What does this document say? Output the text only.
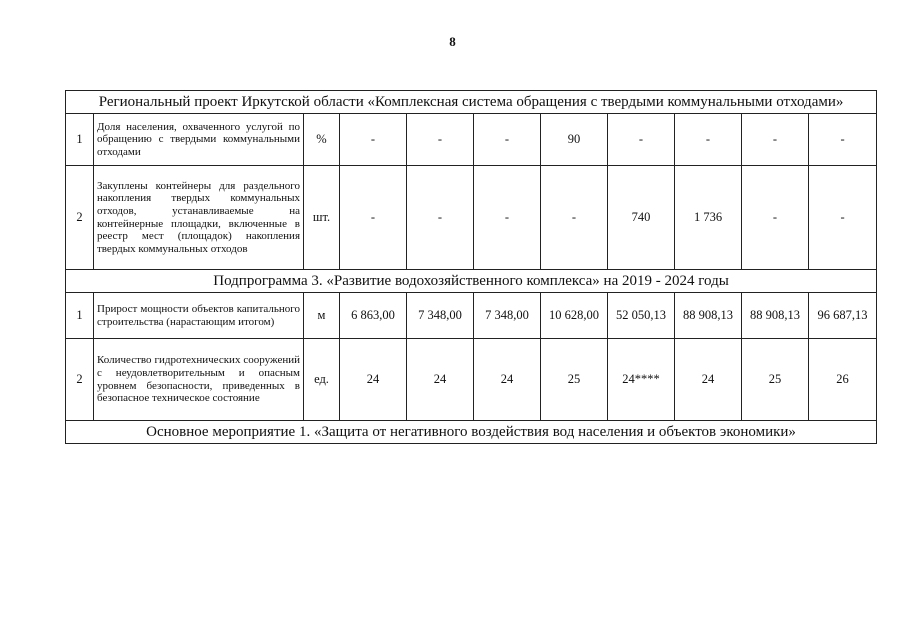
8
Региональный проект Иркутской области «Комплексная система обращения с твердыми коммунальными отходами»										
1	Доля населения, охваченного услугой по обращению с твердыми коммунальными отходами	%	-	-	-	90	-	-	-	-
2	Закуплены контейнеры для раздельного накопления твердых коммунальных отходов, устанавливаемые на контейнерные площадки, включенные в реестр мест (площадок) накопления твердых коммунальных отходов	шт.	-	-	-	-	740	1 736	-	-
Подпрограмма 3. «Развитие водохозяйственного комплекса» на 2019 - 2024 годы										
1	Прирост мощности объектов капитального строительства (нарастающим итогом)	м	6 863,00	7 348,00	7 348,00	10 628,00	52 050,13	88 908,13	88 908,13	96 687,13
2	Количество гидротехнических сооружений с неудовлетворительным и опасным уровнем безопасности, приведенных в безопасное техническое состояние	ед.	24	24	24	25	24****	24	25	26
Основное мероприятие 1. «Защита от негативного воздействия вод населения и объектов экономики»										
